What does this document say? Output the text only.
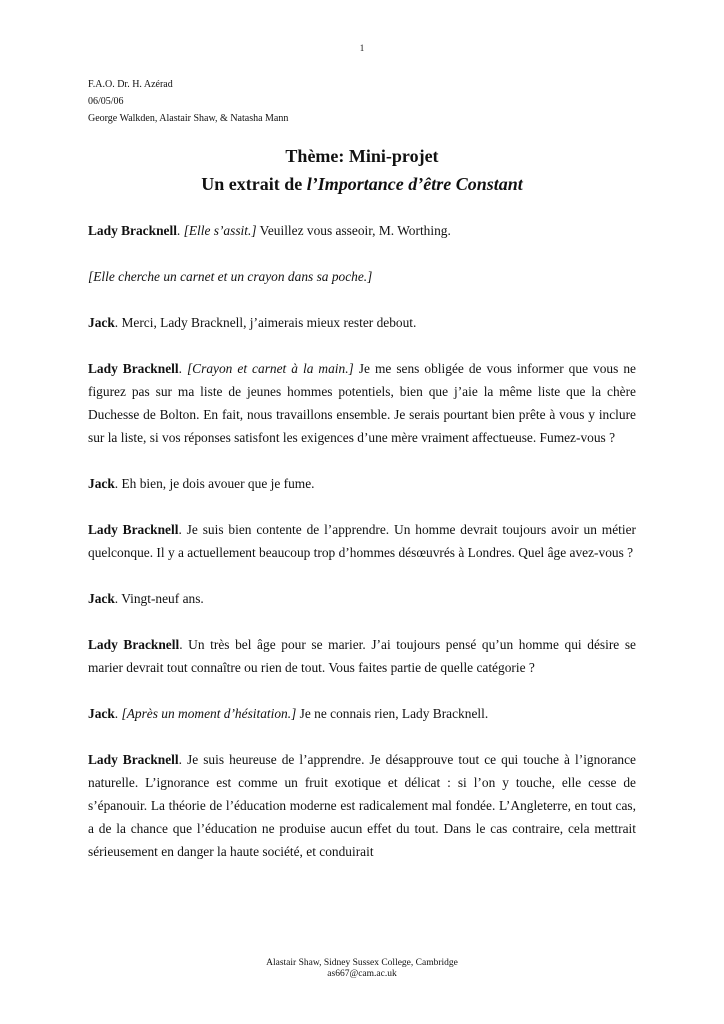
1
F.A.O. Dr. H. Azérad
06/05/06
George Walkden, Alastair Shaw, & Natasha Mann
Thème: Mini-projet
Un extrait de l’Importance d’être Constant

Lady Bracknell. [Elle s’assit.] Veuillez vous asseoir, M. Worthing.

[Elle cherche un carnet et un crayon dans sa poche.]

Jack. Merci, Lady Bracknell, j’aimerais mieux rester debout.

Lady Bracknell. [Crayon et carnet à la main.] Je me sens obligée de vous informer que vous ne figurez pas sur ma liste de jeunes hommes potentiels, bien que j’aie la même liste que la chère Duchesse de Bolton. En fait, nous travaillons ensemble. Je serais pourtant bien prête à vous y inclure sur la liste, si vos réponses satisfont les exigences d’une mère vraiment affectueuse. Fumez-vous ?

Jack. Eh bien, je dois avouer que je fume.

Lady Bracknell. Je suis bien contente de l’apprendre. Un homme devrait toujours avoir un métier quelconque. Il y a actuellement beaucoup trop d’hommes désœuvrés à Londres. Quel âge avez-vous ?

Jack. Vingt-neuf ans.

Lady Bracknell. Un très bel âge pour se marier. J’ai toujours pensé qu’un homme qui désire se marier devrait tout connaître ou rien de tout. Vous faites partie de quelle catégorie ?

Jack. [Après un moment d’hésitation.] Je ne connais rien, Lady Bracknell.

Lady Bracknell. Je suis heureuse de l’apprendre. Je désapprouve tout ce qui touche à l’ignorance naturelle. L’ignorance est comme un fruit exotique et délicat : si l’on y touche, elle cesse de s’épanouir. La théorie de l’éducation moderne est radicalement mal fondée. L’Angleterre, en tout cas, a de la chance que l’éducation ne produise aucun effet du tout. Dans le cas contraire, cela mettrait sérieusement en danger la haute société, et conduirait

Alastair Shaw, Sidney Sussex College, Cambridge
as667@cam.ac.uk
